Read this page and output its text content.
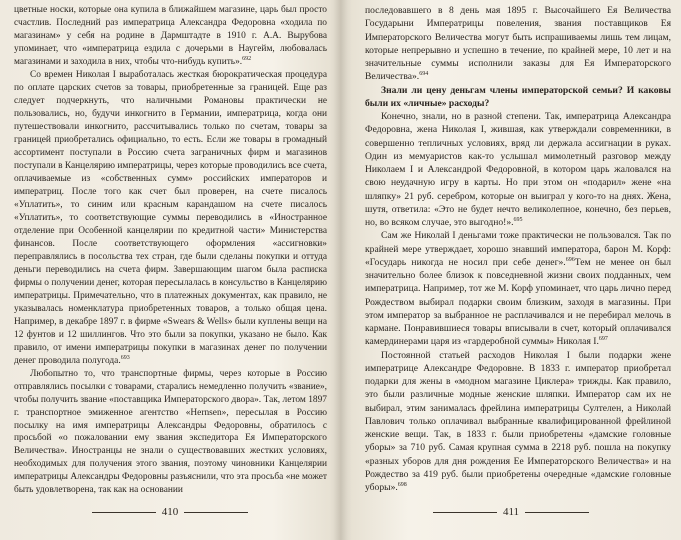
цветные носки, которые она купила в ближайшем магазине, царь был просто счастлив. Последний раз императрица Александра Федоровна «ходила по магазинам» у себя на родине в Дармштадте в 1910 г. А.А. Вырубова упоминает, что «императрица ездила с дочерьми в Наугейм, любовалась магазинами и заходила в них, чтобы что-нибудь купить».$^{692}$

Со времен Николая I выработалась жесткая бюрократическая процедура по оплате царских счетов за товары, приобретенные за границей. Еще раз следует подчеркнуть, что наличными Романовы практически не пользовались, но, будучи инкогнито в Германии, императрица, когда они путешествовали инкогнито, рассчитывались только по счетам, товары за границей приобретались официально, то есть. Если же товары в громадный ассортимент поступали в Россию счета заграничных фирм и магазинов поступали в Канцелярию императрицы, через которые проводились все счета, оплачиваемые из «собственных сумм» российских императоров и императриц. После того как счет был проверен, на счете писалось «Уплатить», то синим или красным карандашом на счете писалось «Уплатить», то соответствующие суммы переводились в «Иностранное отделение при Особенной канцелярии по кредитной части» Министерства финансов. После соответствующего оформления «ассигновки» переправлялись в посольства тех стран, где были сделаны покупки и оттуда деньги переводились на счета фирм. Завершающим шагом была расписка фирмы о получении денег, которая пересылалась в консульство в Канцелярию императрицы. Примечательно, что в платежных документах, как правило, не указывалась номенклатура приобретенных товаров, а только общая цена. Например, в декабре 1897 г. в фирме «Swears & Wells» были куплены вещи на 12 фунтов и 12 шиллингов. Что это были за покупки, указано не было. Как правило, от имени императрицы покупки в магазинах денег по получении денег проводила полугода.$^{693}$

Любопытно то, что транспортные фирмы, через которые в Россию отправлялись посылки с товарами, старались немедленно получить «звание», чтобы получить звание «поставщика Императорского двора». Так, летом 1897 г. транспортное эмиженное агентство «Hernsen», пересылая в Россию посылку на имя императрицы Александры Федоровны, обратилось с просьбой «о пожаловании ему звания экспедитора Ея Императорского Величества». Иностранцы не знали о существовавших жестких условиях, необходимых для получения этого звания, поэтому чиновники Канцелярии императрицы Александры Федоровны разъяснили, что эта просьба «не может быть удовлетворена, так как на основании

410

последовавшего в 8 день мая 1895 г. Высочайшего Ея Величества Государыни Императрицы повеления, звания поставщиков Ея Императорского Величества могут быть испрашиваемы лишь тем лицам, которые непрерывно и успешно в течение, по крайней мере, 10 лет и на значительные суммы исполнили заказы для Ея Императорского Величества».$^{694}$

Знали ли цену деньгам члены императорской семьи? И каковы были их «личные» расходы?

Конечно, знали, но в разной степени. Так, императрица Александра Федоровна, жена Николая I, жившая, как утверждали современники, в совершенно тепличных условиях, вряд ли держала ассигнации в руках. Один из мемуаристов как-то услышал мимолетный разговор между Николаем I и Александрой Федоровной, в котором царь жаловался на свою неудачную игру в карты. Но при этом он «подарил» жене «на шляпку» 21 руб. серебром, которые он выиграл у кого-то на днях. Жена, шутя, ответила: «Это не будет нечто великолепное, конечно, без перьев, но, во всяком случае, это выгодно!».$^{695}$

Сам же Николай I деньгами тоже практически не пользовался. Так по крайней мере утверждает, хорошо знавший императора, барон М. Корф: «Государь никогда не носил при себе денег».$^{696}$Тем не менее он был значительно более близок к повседневной жизни своих подданных, чем императрица. Например, тот же М. Корф упоминает, что царь лично перед Рождеством выбирал подарки своим близким, заходя в магазины. При этом император за выбранное не расплачивался и не перебирал мелочь в кармане. Понравившиеся товары вписывали в счет, который оплачивался камердинерами царя из «гардеробной суммы» Николая I.$^{697}$

Постоянной статьей расходов Николая I были подарки жене императрице Александре Федоровне. В 1833 г. император приобретал подарки для жены в «модном магазине Циклера» трижды. Как правило, это были различные модные женские шляпки. Император сам их не выбирал, этим занималась фрейлина императрицы Султелен, а Николай Павлович только оплачивал выбранные квалифицированной фрейлиной женские вещи. Так, в 1833 г. были приобретены «дамские головные уборы» за 710 руб. Самая крупная сумма в 2218 руб. пошла на покупку «разных уборов для дня рождения Ее Императорского Величества» и на Рождество за 419 руб. были приобретены очередные «дамские головные уборы».$^{698}$

411
